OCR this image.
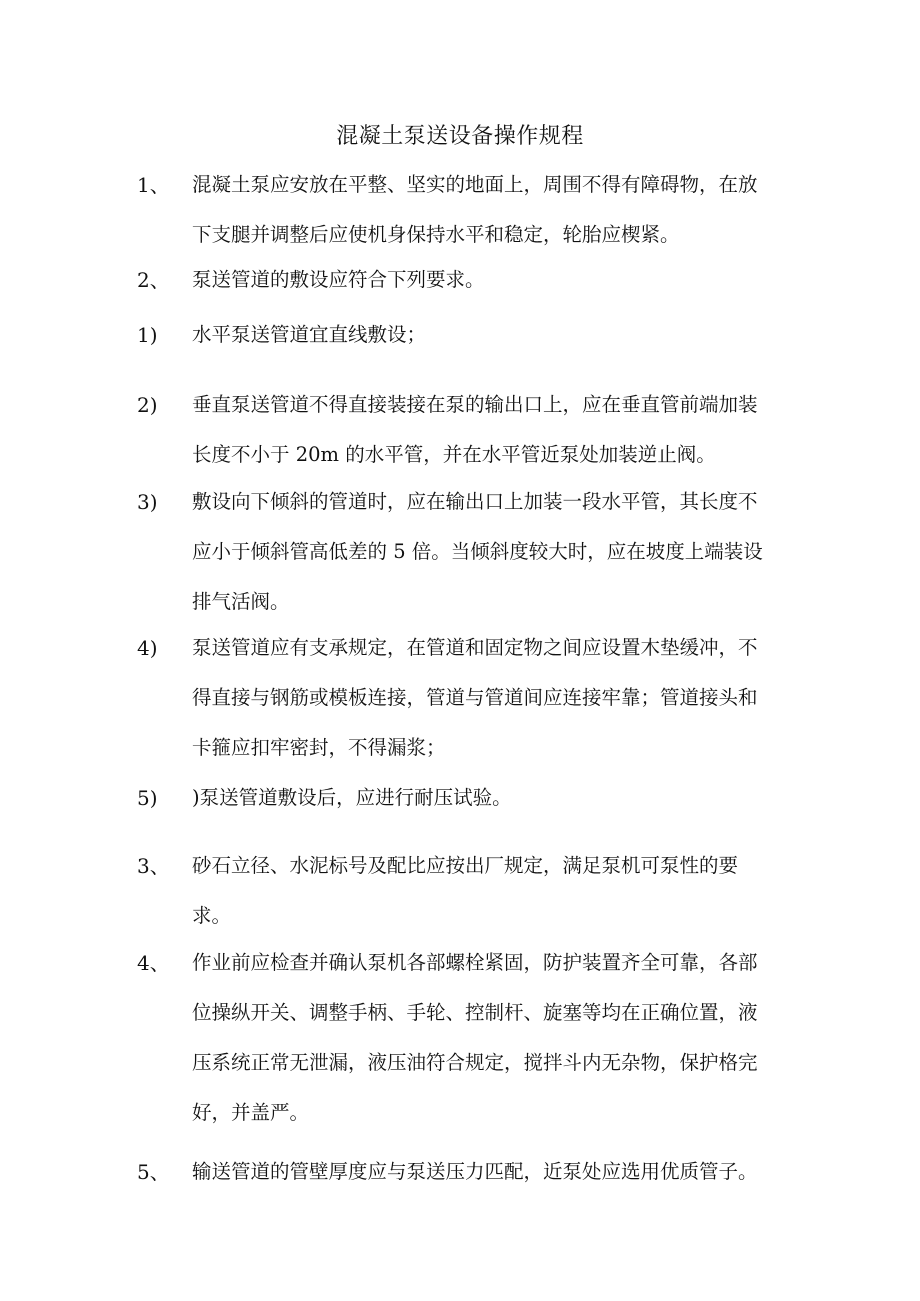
混凝土泵送设备操作规程
1、 混凝土泵应安放在平整、坚实的地面上，周围不得有障碍物，在放
下支腿并调整后应使机身保持水平和稳定，轮胎应楔紧。

2、 泵送管道的敷设应符合下列要求。

1) 水平泵送管道宜直线敷设；

2) 垂直泵送管道不得直接装接在泵的输出口上，应在垂直管前端加装
长度不小于 20m 的水平管，并在水平管近泵处加装逆止阀。

3) 敷设向下倾斜的管道时，应在输出口上加装一段水平管，其长度不
应小于倾斜管高低差的 5 倍。当倾斜度较大时，应在坡度上端装设
排气活阀。

4) 泵送管道应有支承规定，在管道和固定物之间应设置木垫缓冲，不
得直接与钢筋或模板连接，管道与管道间应连接牢靠；管道接头和
卡箍应扣牢密封，不得漏浆；

5) )泵送管道敷设后，应进行耐压试验。

3、 砂石立径、水泥标号及配比应按出厂规定，满足泵机可泵性的要
求。

4、 作业前应检查并确认泵机各部螺栓紧固，防护装置齐全可靠，各部
位操纵开关、调整手柄、手轮、控制杆、旋塞等均在正确位置，液
压系统正常无泄漏，液压油符合规定，搅拌斗内无杂物，保护格完
好，并盖严。

5、 输送管道的管壁厚度应与泵送压力匹配，近泵处应选用优质管子。
